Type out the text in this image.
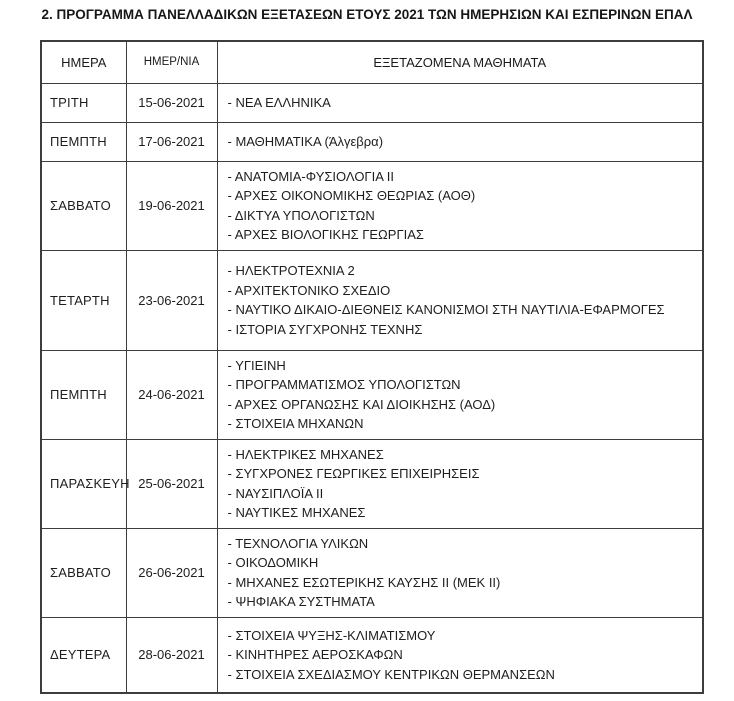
2. ΠΡΟΓΡΑΜΜΑ ΠΑΝΕΛΛΑΔΙΚΩΝ ΕΞΕΤΑΣΕΩΝ ΕΤΟΥΣ 2021 ΤΩΝ ΗΜΕΡΗΣΙΩΝ ΚΑΙ ΕΣΠΕΡΙΝΩΝ ΕΠΑΛ
ΗΜΕΡΑ	ΗΜΕΡ/ΝΙΑ	ΕΞΕΤΑΖΟΜΕΝΑ ΜΑΘΗΜΑΤΑ
ΤΡΙΤΗ	15-06-2021	- ΝΕΑ ΕΛΛΗΝΙΚΑ

ΠΕΜΠΤΗ	17-06-2021	- ΜΑΘΗΜΑΤΙΚΑ (Άλγεβρα)

ΣΑΒΒΑΤΟ	19-06-2021	- ΑΝΑΤΟΜΙΑ-ΦΥΣΙΟΛΟΓΙΑ ΙΙ
- ΑΡΧΕΣ ΟΙΚΟΝΟΜΙΚΗΣ ΘΕΩΡΙΑΣ (ΑΟΘ)
- ΔΙΚΤΥΑ ΥΠΟΛΟΓΙΣΤΩΝ
- ΑΡΧΕΣ ΒΙΟΛΟΓΙΚΗΣ ΓΕΩΡΓΙΑΣ

ΤΕΤΑΡΤΗ	23-06-2021	- ΗΛΕΚΤΡΟΤΕΧΝΙΑ 2
- ΑΡΧΙΤΕΚΤΟΝΙΚΟ ΣΧΕΔΙΟ
- ΝΑΥΤΙΚΟ ΔΙΚΑΙΟ-ΔΙΕΘΝΕΙΣ ΚΑΝΟΝΙΣΜΟΙ ΣΤΗ ΝΑΥΤΙΛΙΑ-ΕΦΑΡΜΟΓΕΣ
- ΙΣΤΟΡΙΑ ΣΥΓΧΡΟΝΗΣ ΤΕΧΝΗΣ

ΠΕΜΠΤΗ	24-06-2021	- ΥΓΙΕΙΝΗ
- ΠΡΟΓΡΑΜΜΑΤΙΣΜΟΣ ΥΠΟΛΟΓΙΣΤΩΝ
- ΑΡΧΕΣ ΟΡΓΑΝΩΣΗΣ ΚΑΙ ΔΙΟΙΚΗΣΗΣ (ΑΟΔ)
- ΣΤΟΙΧΕΙΑ ΜΗΧΑΝΩΝ

ΠΑΡΑΣΚΕΥΗ	25-06-2021	- ΗΛΕΚΤΡΙΚΕΣ ΜΗΧΑΝΕΣ
- ΣΥΓΧΡΟΝΕΣ ΓΕΩΡΓΙΚΕΣ ΕΠΙΧΕΙΡΗΣΕΙΣ
- ΝΑΥΣΙΠΛΟΪΑ ΙΙ
- ΝΑΥΤΙΚΕΣ ΜΗΧΑΝΕΣ

ΣΑΒΒΑΤΟ	26-06-2021	- ΤΕΧΝΟΛΟΓΙΑ ΥΛΙΚΩΝ
- ΟΙΚΟΔΟΜΙΚΗ
- ΜΗΧΑΝΕΣ ΕΣΩΤΕΡΙΚΗΣ ΚΑΥΣΗΣ ΙΙ (ΜΕΚ ΙΙ)
- ΨΗΦΙΑΚΑ ΣΥΣΤΗΜΑΤΑ

ΔΕΥΤΕΡΑ	28-06-2021	- ΣΤΟΙΧΕΙΑ ΨΥΞΗΣ-ΚΛΙΜΑΤΙΣΜΟΥ
- ΚΙΝΗΤΗΡΕΣ ΑΕΡΟΣΚΑΦΩΝ
- ΣΤΟΙΧΕΙΑ ΣΧΕΔΙΑΣΜΟΥ ΚΕΝΤΡΙΚΩΝ ΘΕΡΜΑΝΣΕΩΝ
